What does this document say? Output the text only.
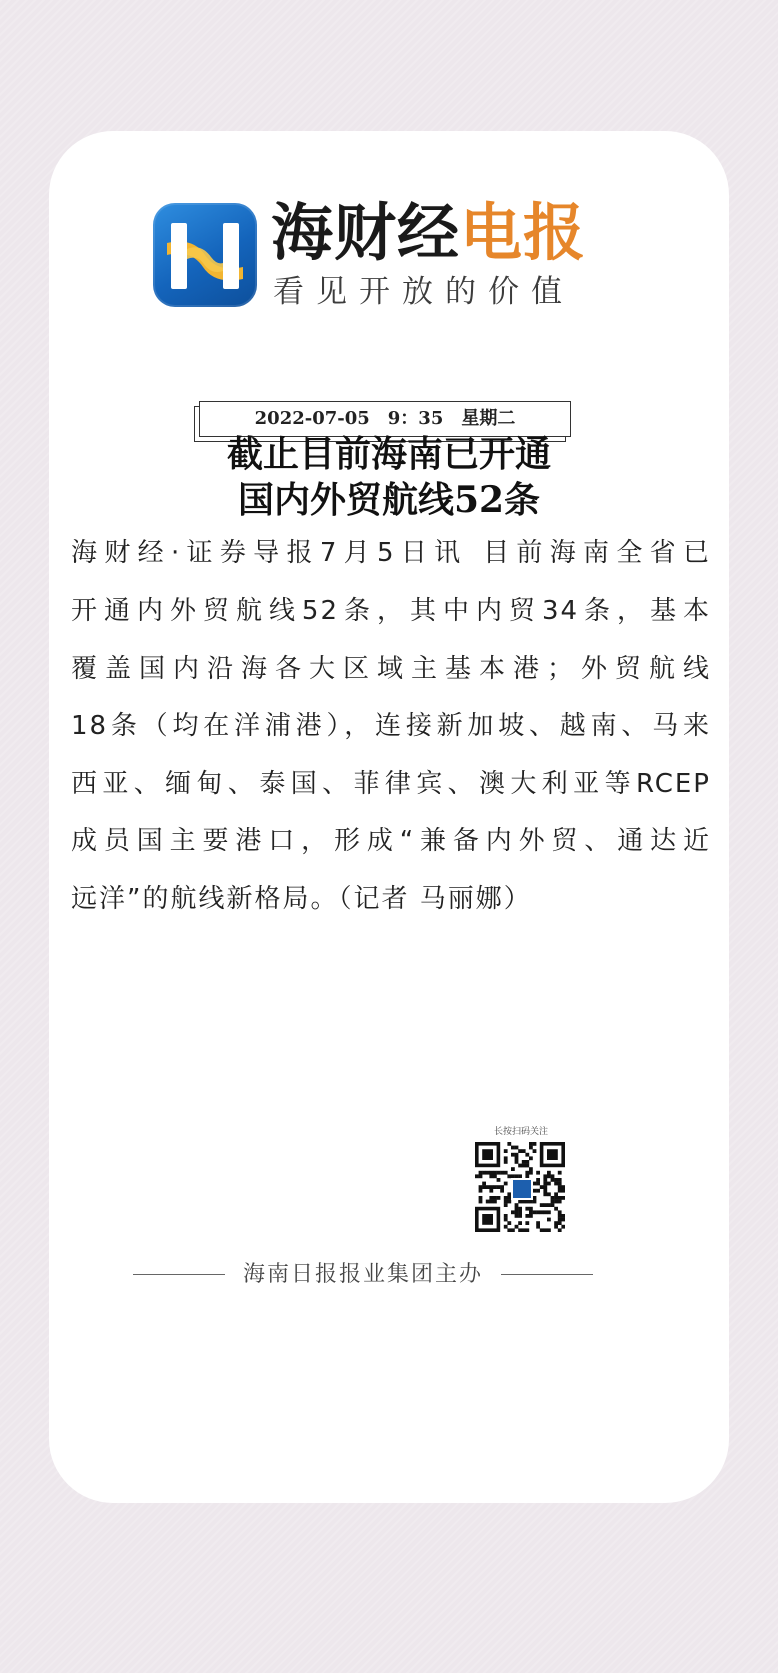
海财经电报
看见开放的价值
2022-07-05　9：35　星期二
截止目前海南已开通
国内外贸航线52条
海财经·证券导报7月5日讯 目前海南全省已
开通内外贸航线52条，其中内贸34条，基本
覆盖国内沿海各大区域主基本港；外贸航线
18条（均在洋浦港），连接新加坡、越南、马来
西亚、缅甸、泰国、菲律宾、澳大利亚等RCEP
成员国主要港口，形成“兼备内外贸、通达近
远洋”的航线新格局。（记者 马丽娜）
长按扫码关注
海南日报报业集团主办
